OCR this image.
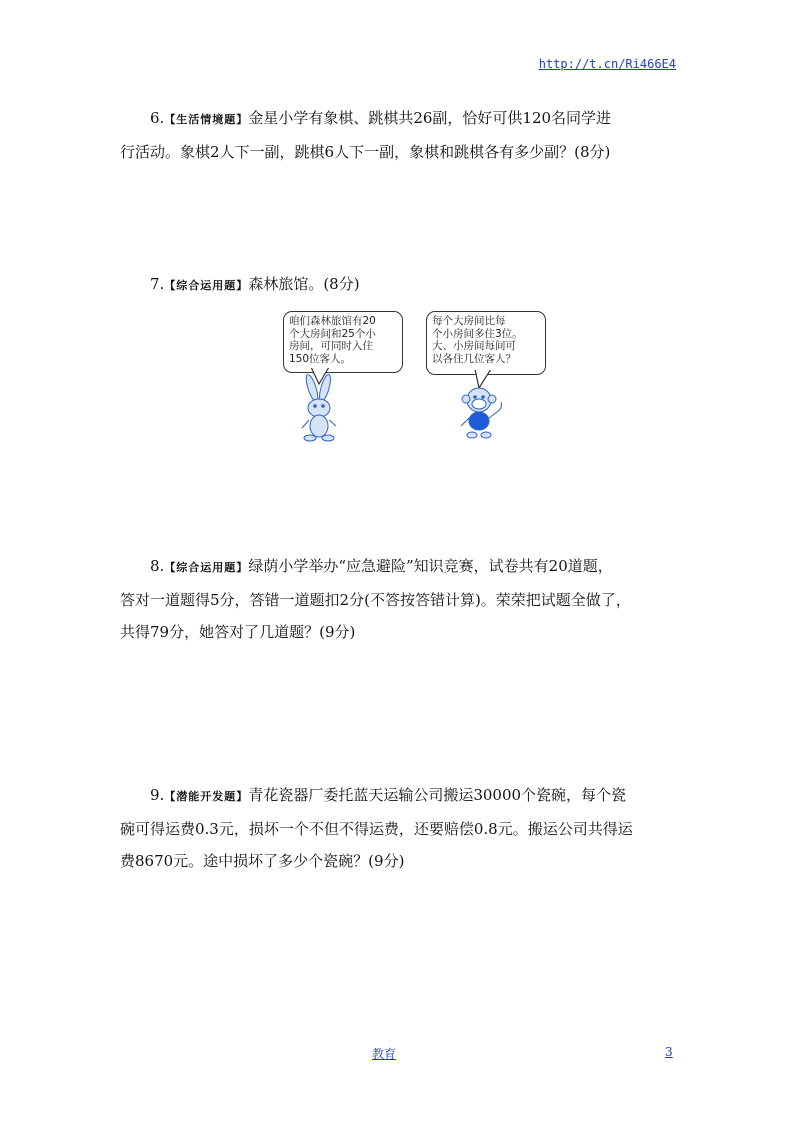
http://t.cn/Ri466E4

6.【生活情境题】金星小学有象棋、跳棋共26副，恰好可供120名同学进

行活动。象棋2人下一副，跳棋6人下一副，象棋和跳棋各有多少副？(8分)

7.【综合运用题】森林旅馆。(8分)

咱们森林旅馆有20
个大房间和25个小
房间，可同时入住
150位客人。
每个大房间比每
个小房间多住3位。
大、小房间每间可
以各住几位客人？

8.【综合运用题】绿荫小学举办“应急避险”知识竞赛，试卷共有20道题，

答对一道题得5分，答错一道题扣2分(不答按答错计算)。荣荣把试题全做了，

共得79分，她答对了几道题？(9分)

9.【潜能开发题】青花瓷器厂委托蓝天运输公司搬运30000个瓷碗，每个瓷

碗可得运费0.3元，损坏一个不但不得运费，还要赔偿0.8元。搬运公司共得运

费8670元。途中损坏了多少个瓷碗？(9分)

教育	3
